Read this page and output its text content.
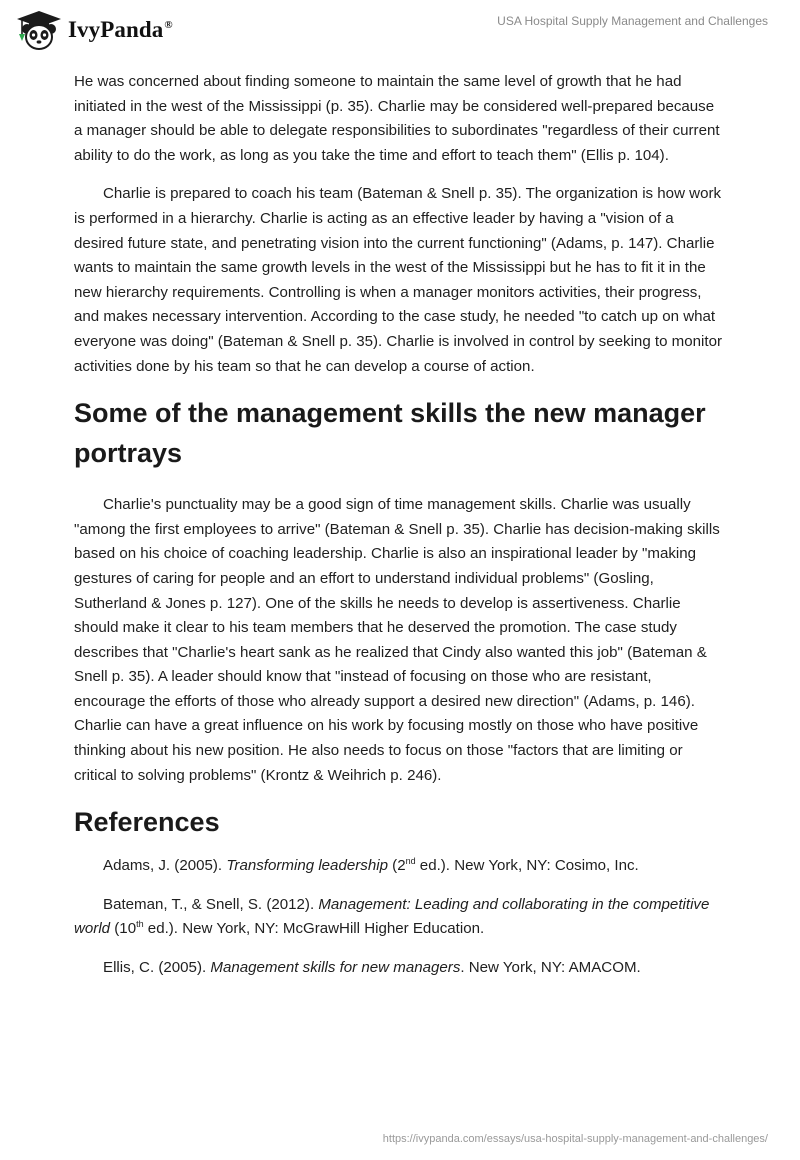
IvyPanda®	USA Hospital Supply Management and Challenges

He was concerned about finding someone to maintain the same level of growth that he had initiated in the west of the Mississippi (p. 35). Charlie may be considered well-prepared because a manager should be able to delegate responsibilities to subordinates "regardless of their current ability to do the work, as long as you take the time and effort to teach them" (Ellis p. 104).

Charlie is prepared to coach his team (Bateman & Snell p. 35). The organization is how work is performed in a hierarchy. Charlie is acting as an effective leader by having a "vision of a desired future state, and penetrating vision into the current functioning" (Adams, p. 147). Charlie wants to maintain the same growth levels in the west of the Mississippi but he has to fit it in the new hierarchy requirements. Controlling is when a manager monitors activities, their progress, and makes necessary intervention. According to the case study, he needed "to catch up on what everyone was doing" (Bateman & Snell p. 35). Charlie is involved in control by seeking to monitor activities done by his team so that he can develop a course of action.

Some of the management skills the new manager portrays

Charlie's punctuality may be a good sign of time management skills. Charlie was usually "among the first employees to arrive" (Bateman & Snell p. 35). Charlie has decision-making skills based on his choice of coaching leadership. Charlie is also an inspirational leader by "making gestures of caring for people and an effort to understand individual problems" (Gosling, Sutherland & Jones p. 127). One of the skills he needs to develop is assertiveness. Charlie should make it clear to his team members that he deserved the promotion. The case study describes that "Charlie's heart sank as he realized that Cindy also wanted this job" (Bateman & Snell p. 35). A leader should know that "instead of focusing on those who are resistant, encourage the efforts of those who already support a desired new direction" (Adams, p. 146). Charlie can have a great influence on his work by focusing mostly on those who have positive thinking about his new position. He also needs to focus on those "factors that are limiting or critical to solving problems" (Krontz & Weihrich p. 246).

References

Adams, J. (2005). Transforming leadership (2nd ed.). New York, NY: Cosimo, Inc.

Bateman, T., & Snell, S. (2012). Management: Leading and collaborating in the competitive world (10th ed.). New York, NY: McGrawHill Higher Education.

Ellis, C. (2005). Management skills for new managers. New York, NY: AMACOM.

https://ivypanda.com/essays/usa-hospital-supply-management-and-challenges/
